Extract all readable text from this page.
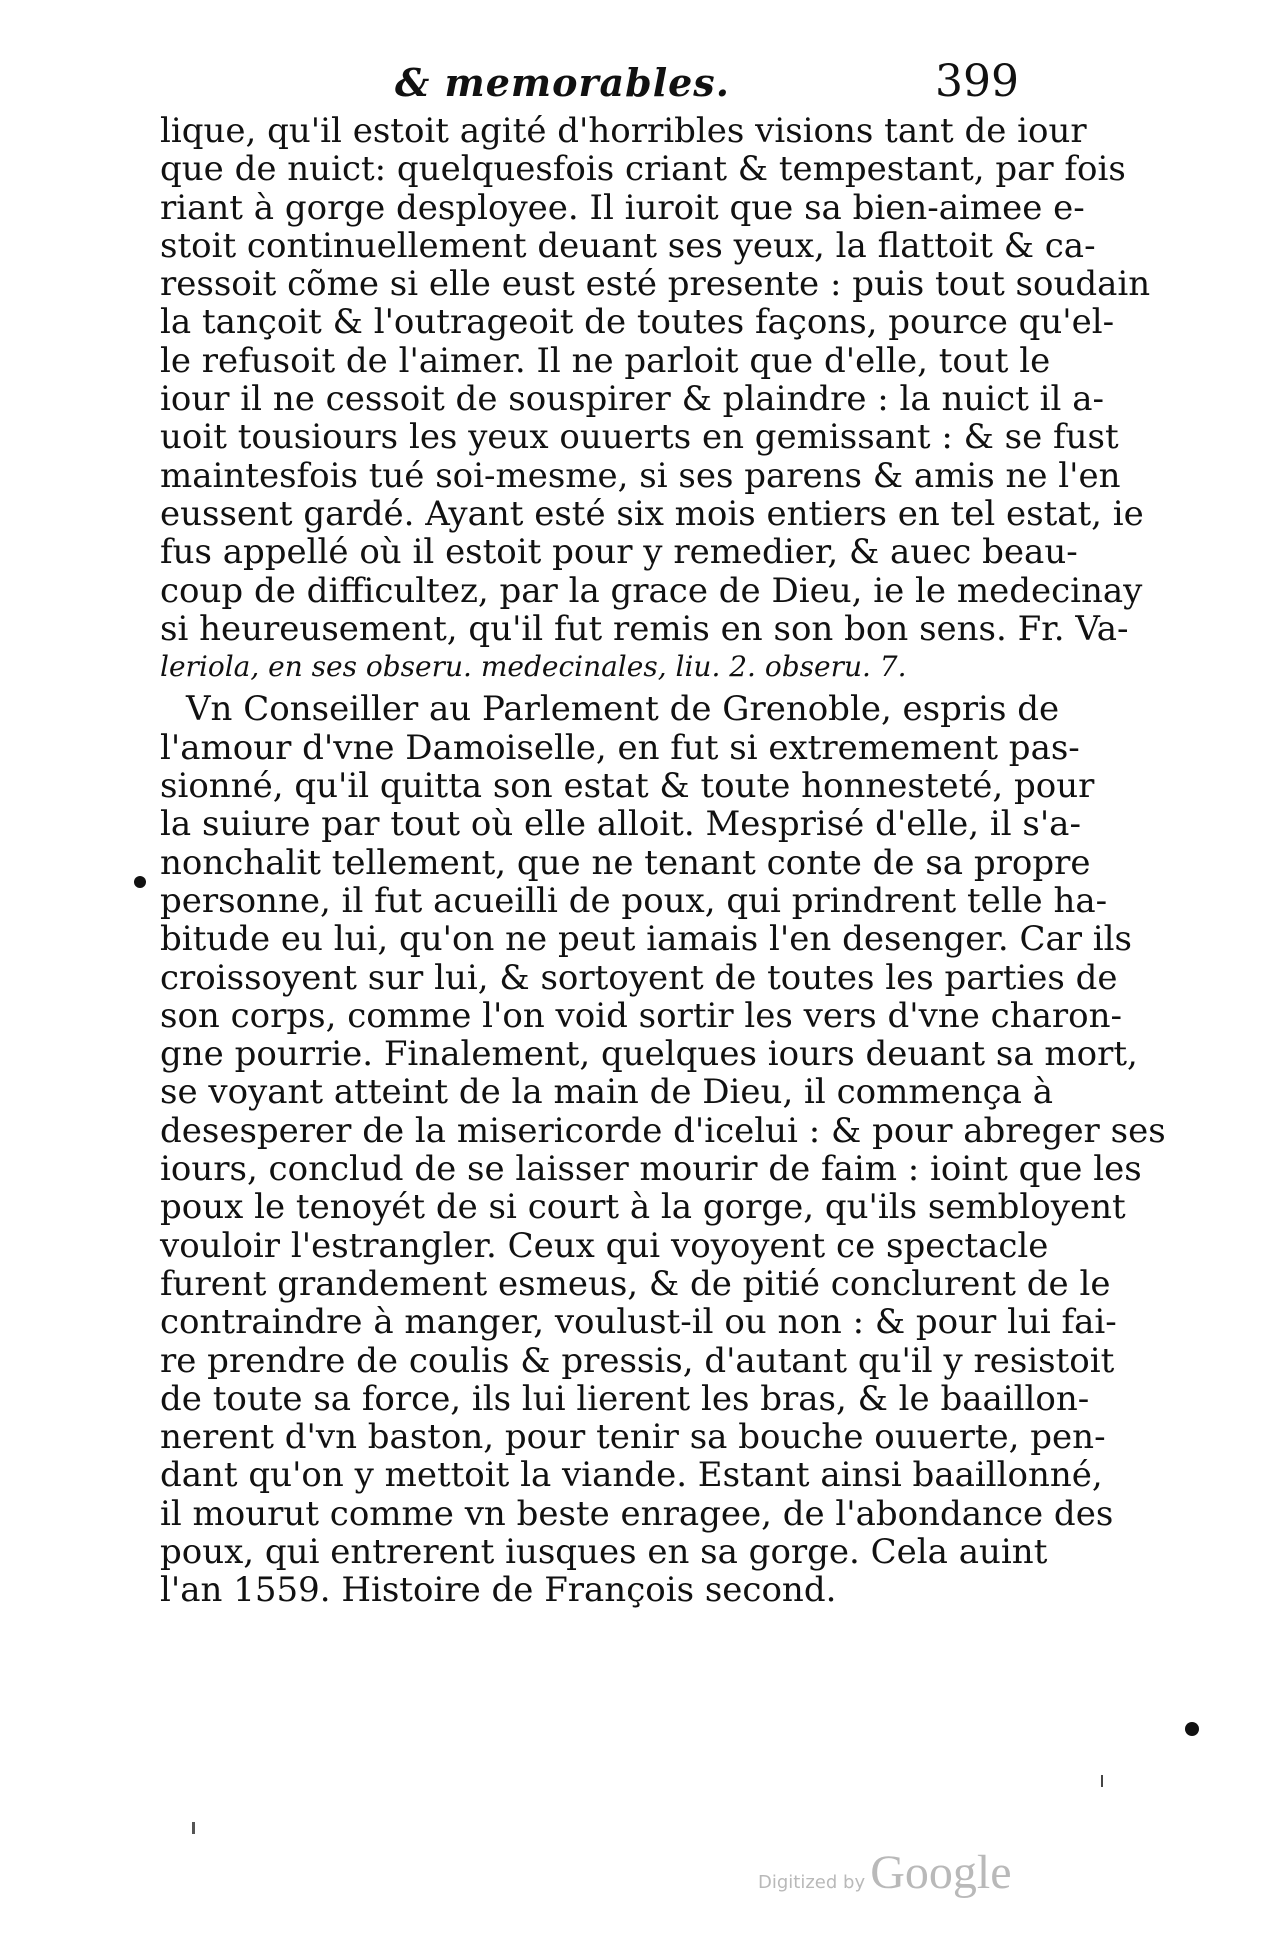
& memorables.	399
lique, qu'il estoit agité d'horribles visions tant de iour
que de nuict: quelquesfois criant & tempestant, par fois
riant à gorge desployee. Il iuroit que sa bien-aimee e-
stoit continuellement deuant ses yeux, la flattoit & ca-
ressoit cõme si elle eust esté presente : puis tout soudain
la tançoit & l'outrageoit de toutes façons, pource qu'el-
le refusoit de l'aimer. Il ne parloit que d'elle, tout le
iour il ne cessoit de souspirer & plaindre : la nuict il a-
uoit tousiours les yeux ouuerts en gemissant : & se fust
maintesfois tué soi-mesme, si ses parens & amis ne l'en
eussent gardé. Ayant esté six mois entiers en tel estat, ie
fus appellé où il estoit pour y remedier, & auec beau-
coup de difficultez, par la grace de Dieu, ie le medecinay
si heureusement, qu'il fut remis en son bon sens. Fr. Va-
leriola, en ses obseru. medecinales, liu. 2. obseru. 7.
Vn Conseiller au Parlement de Grenoble, espris de
l'amour d'vne Damoiselle, en fut si extremement pas-
sionné, qu'il quitta son estat & toute honnesteté, pour
la suiure par tout où elle alloit. Mesprisé d'elle, il s'a-
nonchalit tellement, que ne tenant conte de sa propre
personne, il fut acueilli de poux, qui prindrent telle ha-
bitude eu lui, qu'on ne peut iamais l'en desenger. Car ils
croissoyent sur lui, & sortoyent de toutes les parties de
son corps, comme l'on void sortir les vers d'vne charon-
gne pourrie. Finalement, quelques iours deuant sa mort,
se voyant atteint de la main de Dieu, il commença à
desesperer de la misericorde d'icelui : & pour abreger ses
iours, conclud de se laisser mourir de faim : ioint que les
poux le tenoyét de si court à la gorge, qu'ils sembloyent
vouloir l'estrangler. Ceux qui voyoyent ce spectacle
furent grandement esmeus, & de pitié conclurent de le
contraindre à manger, voulust-il ou non : & pour lui fai-
re prendre de coulis & pressis, d'autant qu'il y resistoit
de toute sa force, ils lui lierent les bras, & le baaillon-
nerent d'vn baston, pour tenir sa bouche ouuerte, pen-
dant qu'on y mettoit la viande. Estant ainsi baaillonné,
il mourut comme vn beste enragee, de l'abondance des
poux, qui entrerent iusques en sa gorge. Cela auint
l'an 1559. Histoire de François second.
Digitized by Google
